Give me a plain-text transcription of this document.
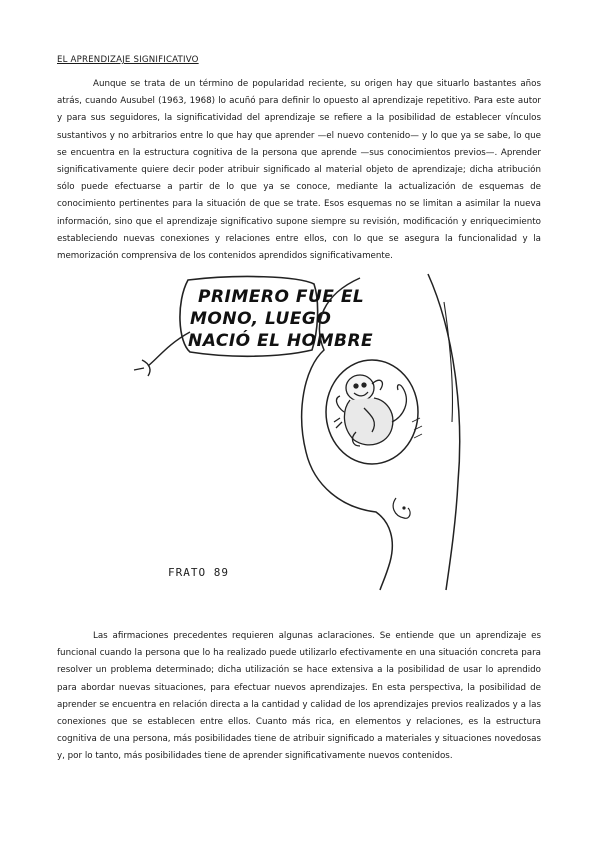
EL APRENDIZAJE SIGNIFICATIVO

Aunque se trata de un término de popularidad reciente, su origen hay que situarlo bastantes años atrás, cuando Ausubel (1963, 1968) lo acuñó para definir lo opuesto al aprendizaje repetitivo. Para este autor y para sus seguidores, la significatividad del aprendizaje se refiere a la posibilidad de establecer vínculos sustantivos y no arbitrarios entre lo que hay que aprender —el nuevo contenido— y lo que ya se sabe, lo que se encuentra en la estructura cognitiva de la persona que aprende —sus conocimientos previos—. Aprender significativamente quiere decir poder atribuir significado al material objeto de aprendizaje; dicha atribución sólo puede efectuarse a partir de lo que ya se conoce, mediante la actualización de esquemas de conocimiento pertinentes para la situación de que se trate. Esos esquemas no se limitan a asimilar la nueva información, sino que el aprendizaje significativo supone siempre su revisión, modificación y enriquecimiento estableciendo nuevas conexiones y relaciones entre ellos, con lo que se asegura la funcionalidad y la memorización comprensiva de los contenidos aprendidos significativamente.

PRIMERO FUE EL
MONO, LUEGO
NACIÓ EL HOMBRE
FRATO 89

Las afirmaciones precedentes requieren algunas aclaraciones. Se entiende que un aprendizaje es funcional cuando la persona que lo ha realizado puede utilizarlo efectivamente en una situación concreta para resolver un problema determinado; dicha utilización se hace extensiva a la posibilidad de usar lo aprendido para abordar nuevas situaciones, para efectuar nuevos aprendizajes. En esta perspectiva, la posibilidad de aprender se encuentra en relación directa a la cantidad y calidad de los aprendizajes previos realizados y a las conexiones que se establecen entre ellos. Cuanto más rica, en elementos y relaciones, es la estructura cognitiva de una persona, más posibilidades tiene de atribuir significado a materiales y situaciones novedosas y, por lo tanto, más posibilidades tiene de aprender significativamente nuevos contenidos.
